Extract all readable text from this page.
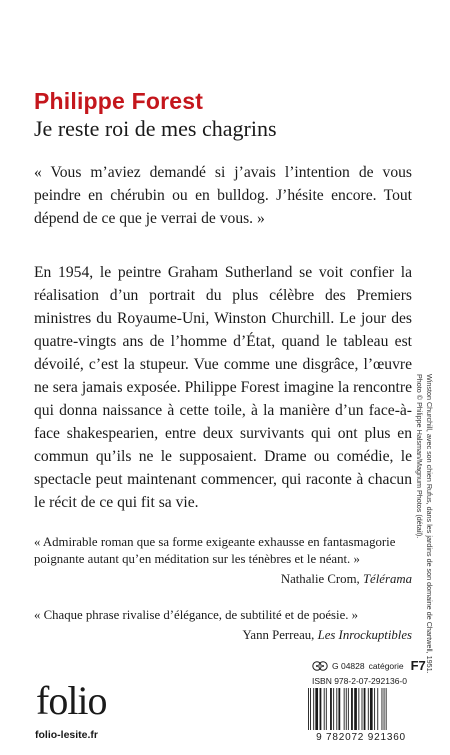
Philippe Forest
Je reste roi de mes chagrins
« Vous m’aviez demandé si j’avais l’intention de vous peindre en chérubin ou en bulldog. J’hésite encore. Tout dépend de ce que je verrai de vous. »
En 1954, le peintre Graham Sutherland se voit confier la réalisation d’un portrait du plus célèbre des Premiers ministres du Royaume-Uni, Winston Churchill. Le jour des quatre-vingts ans de l’homme d’État, quand le tableau est dévoilé, c’est la stupeur. Vue comme une disgrâce, l’œuvre ne sera jamais exposée. Philippe Forest imagine la rencontre qui donna naissance à cette toile, à la manière d’un face-à-face shakespearien, entre deux survivants qui ont plus en commun qu’ils ne le supposaient. Drame ou comédie, le spectacle peut maintenant commencer, qui raconte à chacun le récit de ce qui fit sa vie.
« Admirable roman que sa forme exigeante exhausse en fantasmagorie poignante autant qu’en méditation sur les ténèbres et le néant. »
Nathalie Crom, Télérama
« Chaque phrase rivalise d’élégance, de subtilité et de poésie. »
Yann Perreau, Les Inrockuptibles Winston Churchill, avec son chien Rufus, dans les jardins de son domaine de Chartwell, 1951.
Photo © Philippe Halsman/Magnum Photos (détail).
G 04828 catégorie F7
ISBN 978-2-07-292136-0
9 782072 921360
folio
folio-lesite.fr
